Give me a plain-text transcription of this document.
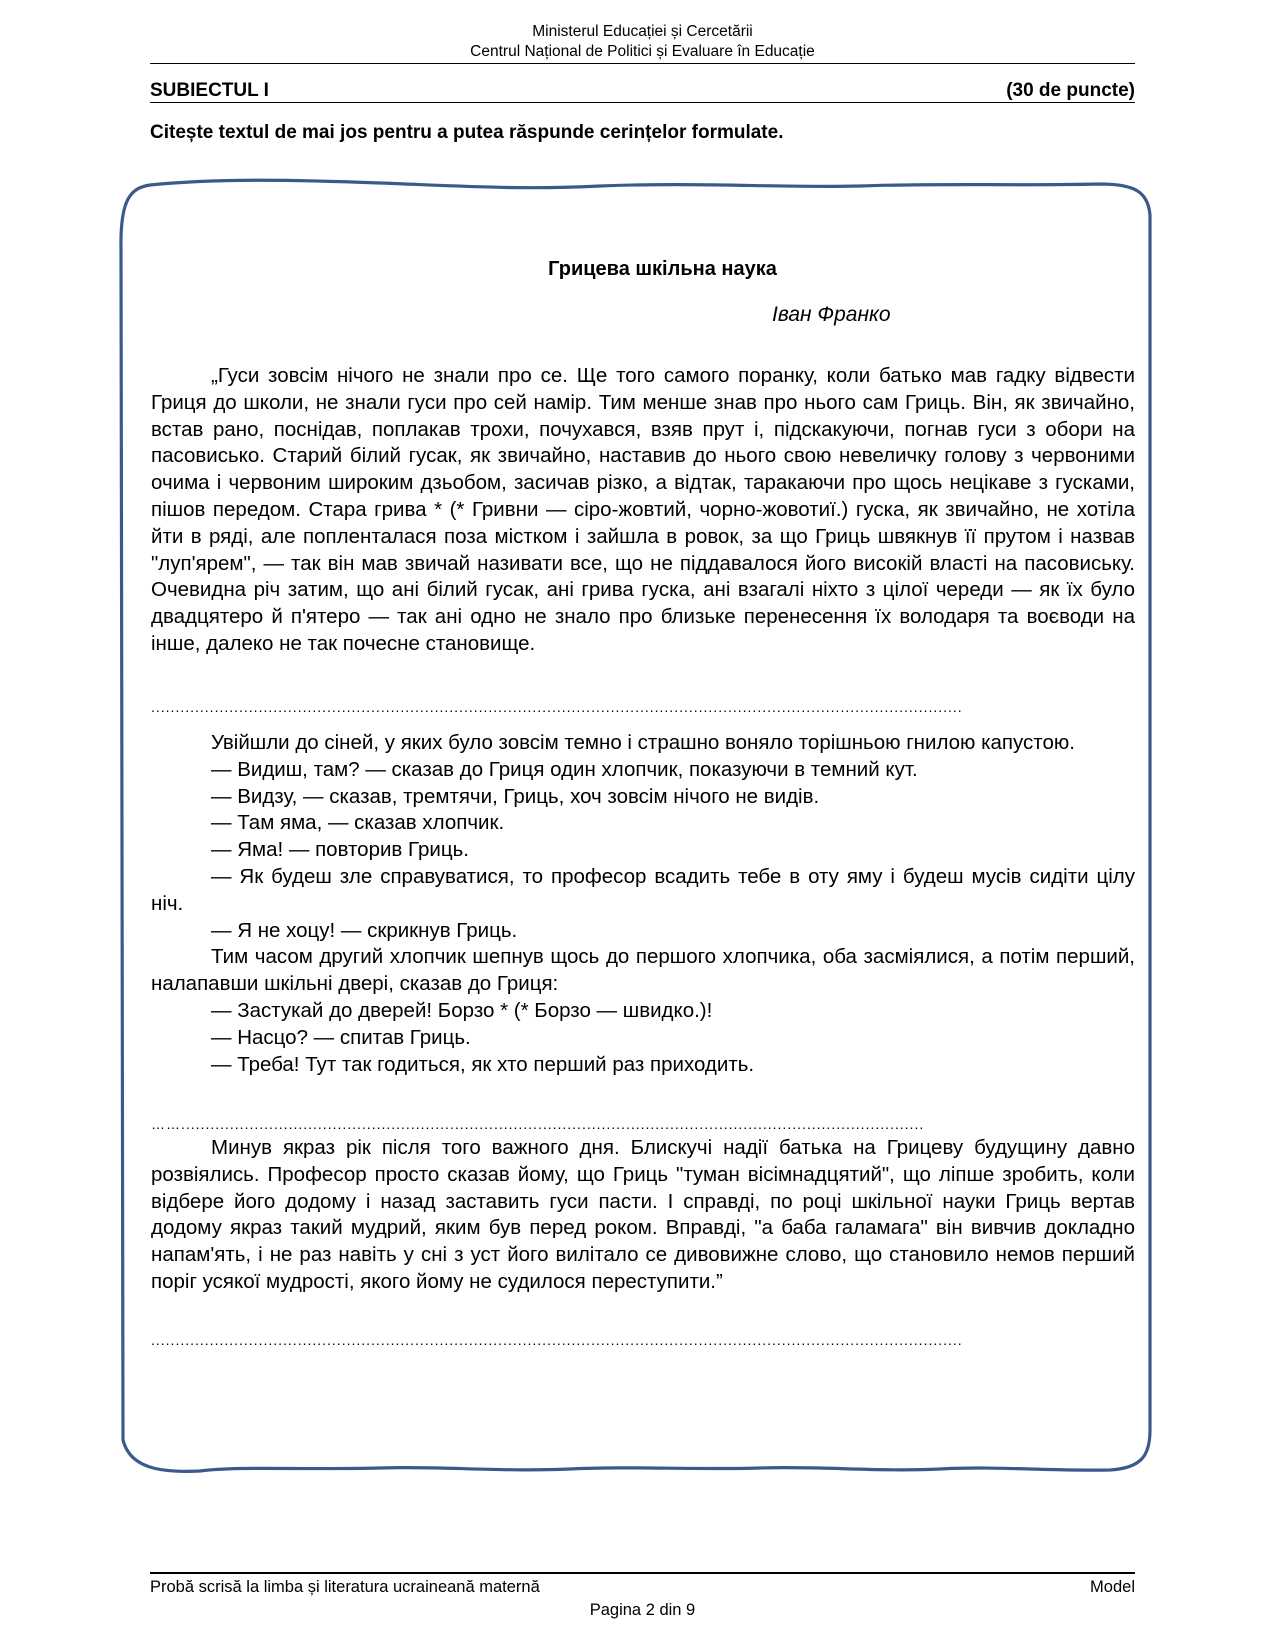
Ministerul Educației și Cercetării
Centrul Național de Politici și Evaluare în Educație
SUBIECTUL I	(30 de puncte)
Citește textul de mai jos pentru a putea răspunde cerințelor formulate.
Грицева шкільна наука
Іван Франко

„Гуси зовсім нічого не знали про се. Ще того самого поранку, коли батько мав гадку відвести Гриця до школи, не знали гуси про сей намір. Тим менше знав про нього сам Гриць. Він, як звичайно, встав рано, поснідав, поплакав трохи, почухався, взяв прут і, підскакуючи, погнав гуси з обори на пасовисько. Старий білий гусак, як звичайно, наставив до нього свою невеличку голову з червоними очима і червоним широким дзьобом, засичав різко, а відтак, таракаючи про щось нецікаве з гусками, пішов передом. Стара грива * (* Гривни — сіро-жовтий, чорно-жовотиї.) гуска, як звичайно, не хотіла йти в ряді, але попленталася поза містком і зайшла в ровок, за що Гриць швякнув її прутом і назвав "луп'ярем", — так він мав звичай називати все, що не піддавалося його високій власті на пасовиську. Очевидна річ затим, що ані білий гусак, ані грива гуска, ані взагалі ніхто з цілої череди — як їх було двадцятеро й п'ятеро — так ані одно не знало про близьке перенесення їх володаря та воєводи на інше, далеко не так почесне становище.

......................................................................................................................................................................

Увійшли до сіней, у яких було зовсім темно і страшно воняло торішньою гнилою капустою.

— Видиш, там? — сказав до Гриця один хлопчик, показуючи в темний кут.

— Видзу, — сказав, тремтячи, Гриць, хоч зовсім нічого не видів.

— Там яма, — сказав хлопчик.

— Яма! — повторив Гриць.

— Як будеш зле справуватися, то професор всадить тебе в оту яму і будеш мусів сидіти цілу ніч.

— Я не хоцу! — скрикнув Гриць.

Тим часом другий хлопчик шепнув щось до першого хлопчика, оба засміялися, а потім перший, налапавши шкільні двері, сказав до Гриця:

— Застукай до дверей! Борзо * (* Борзо — швидко.)!

— Насцо? — спитав Гриць.

— Треба! Тут так годиться, як хто перший раз приходить.

……........................................................................................................................................................

Минув якраз рік після того важного дня. Блискучі надії батька на Грицеву будущину давно розвіялись. Професор просто сказав йому, що Гриць "туман вісімнадцятий", що ліпше зробить, коли відбере його додому і назад заставить гуси пасти. І справді, по році шкільної науки Гриць вертав додому якраз такий мудрий, яким був перед роком. Вправді, "а баба галамага" він вивчив докладно напам'ять, і не раз навіть у сні з уст його вилітало се дивовижне слово, що становило немов перший поріг усякої мудрості, якого йому не судилося переступити.”

......................................................................................................................................................................
Probă scrisă la limba și literatura ucraineană maternă	Model
Pagina 2 din 9
